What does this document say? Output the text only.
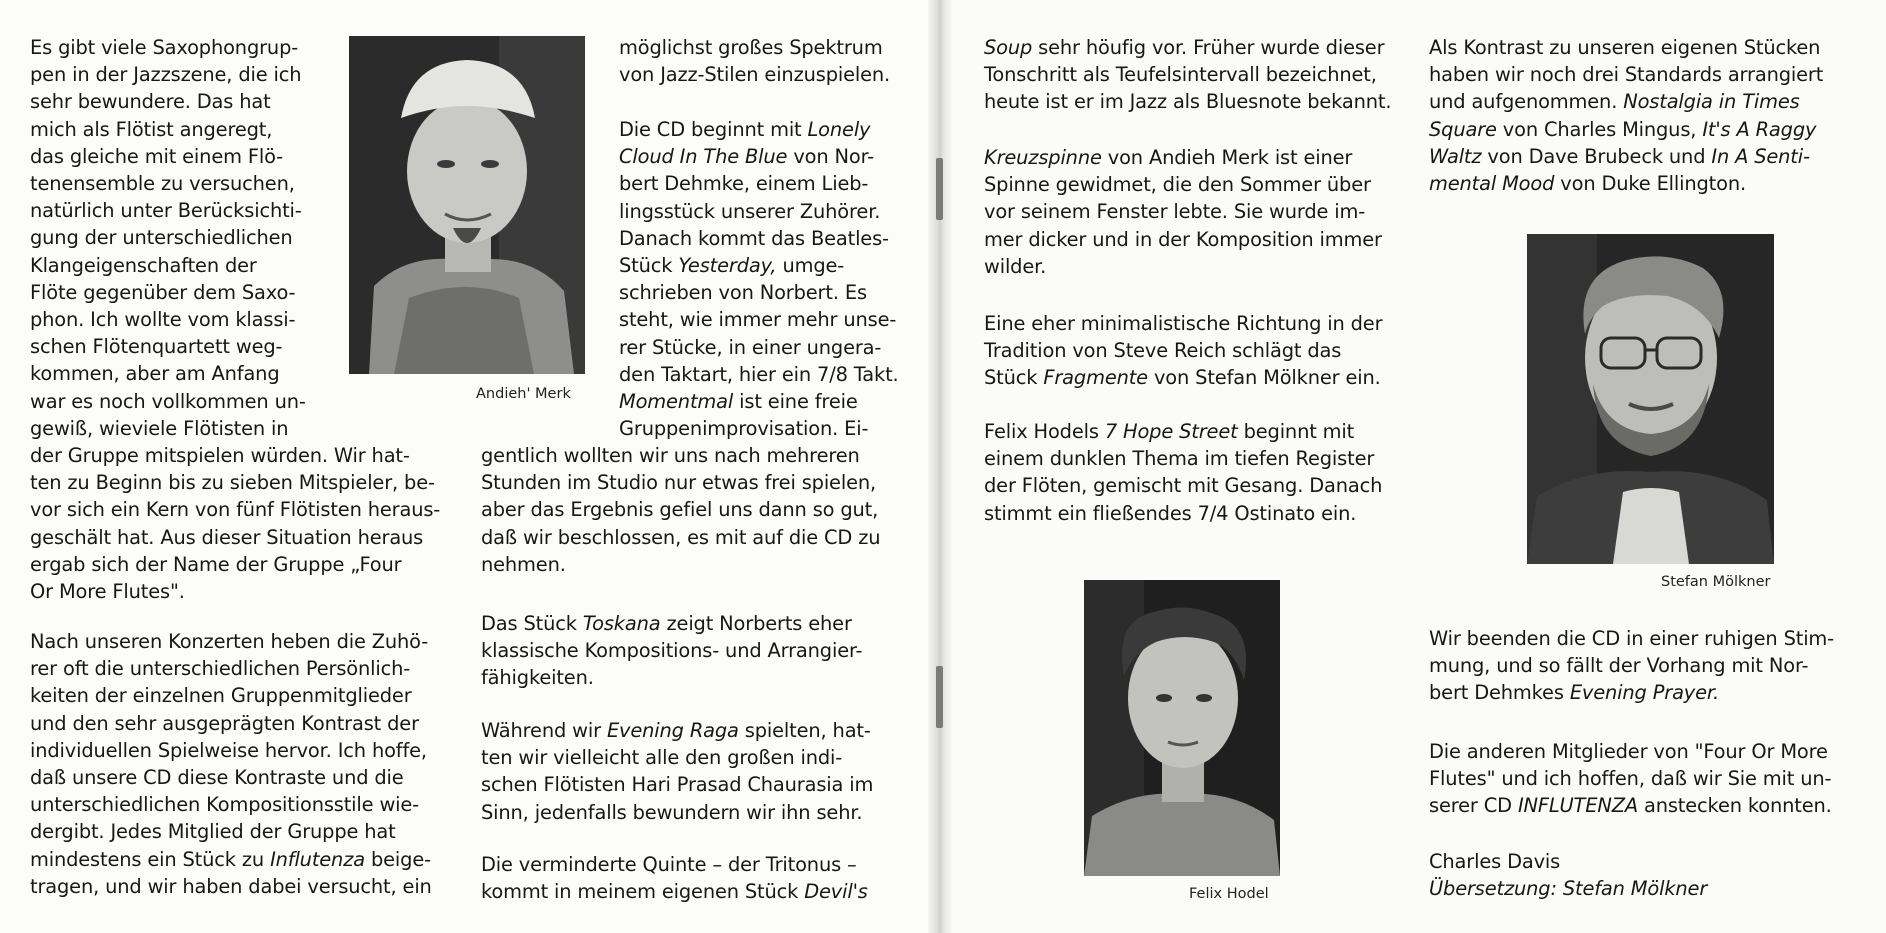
Es gibt viele Saxophongrup-
pen in der Jazzszene, die ich
sehr bewundere. Das hat
mich als Flötist angeregt,
das gleiche mit einem Flö-
tenensemble zu versuchen,
natürlich unter Berücksichti-
gung der unterschiedlichen
Klangeigenschaften der
Flöte gegenüber dem Saxo-
phon. Ich wollte vom klassi-
schen Flötenquartett weg-
kommen, aber am Anfang
war es noch vollkommen un-
gewiß, wieviele Flötisten in

der Gruppe mitspielen würden. Wir hat-
ten zu Beginn bis zu sieben Mitspieler, be-
vor sich ein Kern von fünf Flötisten heraus-
geschält hat. Aus dieser Situation heraus
ergab sich der Name der Gruppe „Four
Or More Flutes".

Nach unseren Konzerten heben die Zuhö-
rer oft die unterschiedlichen Persönlich-
keiten der einzelnen Gruppenmitglieder
und den sehr ausgeprägten Kontrast der
individuellen Spielweise hervor. Ich hoffe,
daß unsere CD diese Kontraste und die
unterschiedlichen Kompositionsstile wie-
dergibt. Jedes Mitglied der Gruppe hat
mindestens ein Stück zu Influtenza beige-
tragen, und wir haben dabei versucht, ein

möglichst großes Spektrum
von Jazz-Stilen einzuspielen.

Die CD beginnt mit Lonely
Cloud In The Blue von Nor-
bert Dehmke, einem Lieb-
lingsstück unserer Zuhörer.
Danach kommt das Beatles-
Stück Yesterday, umge-
schrieben von Norbert. Es
steht, wie immer mehr unse-
rer Stücke, in einer ungera-
den Taktart, hier ein 7/8 Takt.
Momentmal ist eine freie
Gruppenimprovisation. Ei-

gentlich wollten wir uns nach mehreren
Stunden im Studio nur etwas frei spielen,
aber das Ergebnis gefiel uns dann so gut,
daß wir beschlossen, es mit auf die CD zu
nehmen.

Das Stück Toskana zeigt Norberts eher
klassische Kompositions- und Arrangier-
fähigkeiten.

Während wir Evening Raga spielten, hat-
ten wir vielleicht alle den großen indi-
schen Flötisten Hari Prasad Chaurasia im
Sinn, jedenfalls bewundern wir ihn sehr.

Die verminderte Quinte – der Tritonus –
kommt in meinem eigenen Stück Devil's

Andieh' Merk

Soup sehr höufig vor. Früher wurde dieser
Tonschritt als Teufelsintervall bezeichnet,
heute ist er im Jazz als Bluesnote bekannt.

Kreuzspinne von Andieh Merk ist einer
Spinne gewidmet, die den Sommer über
vor seinem Fenster lebte. Sie wurde im-
mer dicker und in der Komposition immer
wilder.

Eine eher minimalistische Richtung in der
Tradition von Steve Reich schlägt das
Stück Fragmente von Stefan Mölkner ein.

Felix Hodels 7 Hope Street beginnt mit
einem dunklen Thema im tiefen Register
der Flöten, gemischt mit Gesang. Danach
stimmt ein fließendes 7/4 Ostinato ein.

Als Kontrast zu unseren eigenen Stücken
haben wir noch drei Standards arrangiert
und aufgenommen. Nostalgia in Times
Square von Charles Mingus, It's A Raggy
Waltz von Dave Brubeck und In A Senti-
mental Mood von Duke Ellington.

Wir beenden die CD in einer ruhigen Stim-
mung, und so fällt der Vorhang mit Nor-
bert Dehmkes Evening Prayer.

Die anderen Mitglieder von "Four Or More
Flutes" und ich hoffen, daß wir Sie mit un-
serer CD INFLUTENZA anstecken konnten.

Charles Davis

Übersetzung: Stefan Mölkner

Felix Hodel

Stefan Mölkner
